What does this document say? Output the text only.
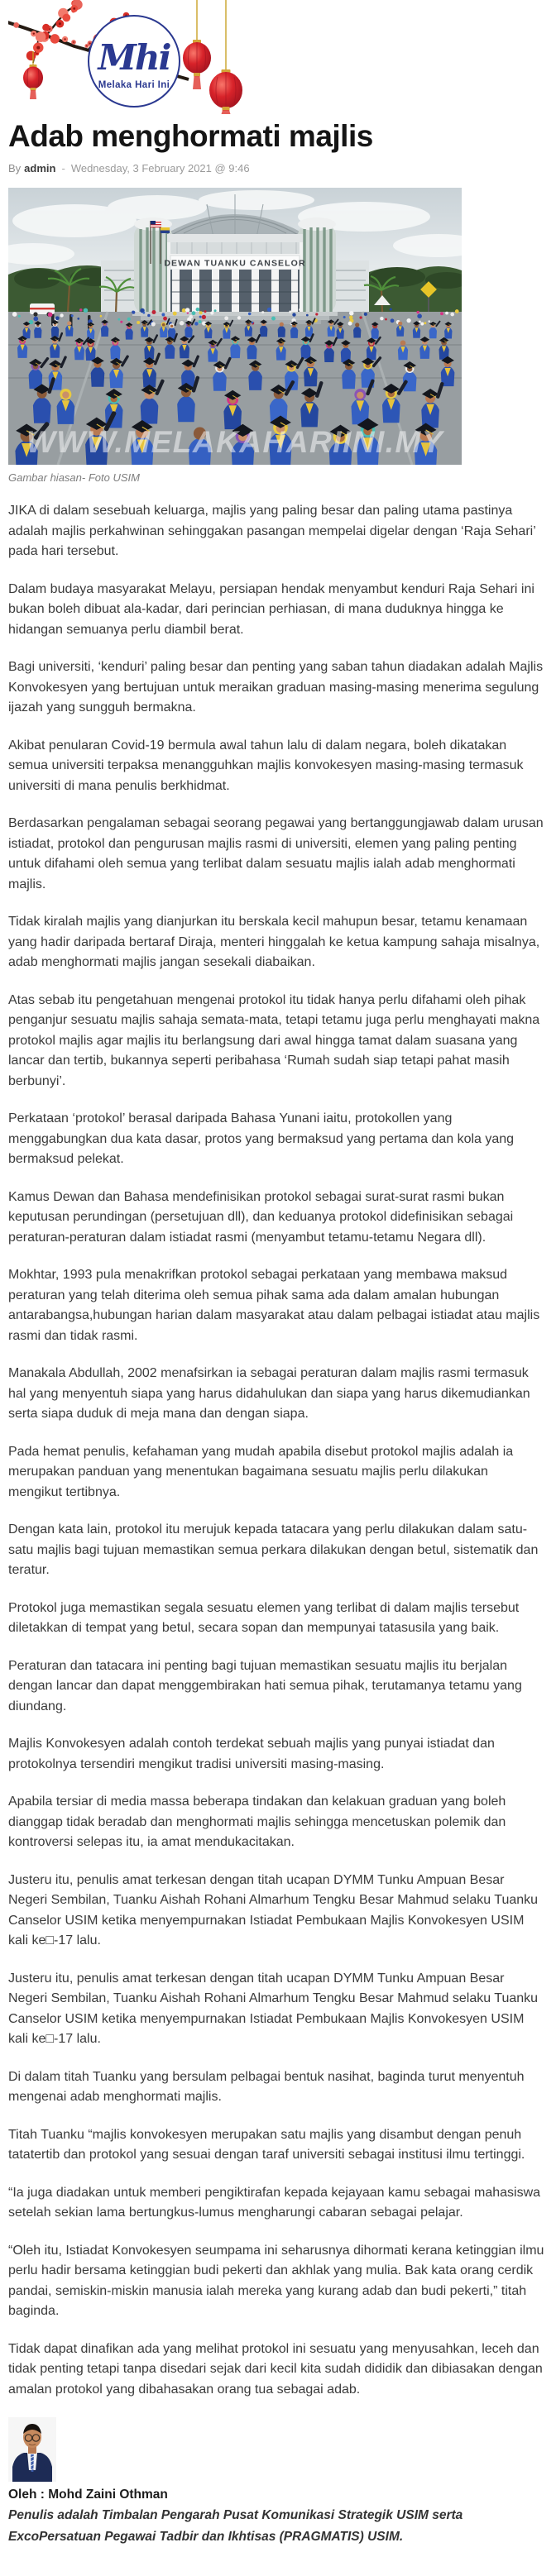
Mhi
Melaka Hari Ini
Adab menghormati majlis
By admin - Wednesday, 3 February 2021 @ 9:46
DEWAN TUANKU CANSELOR
WWW.MELAKAHARIINI.MY
Gambar hiasan- Foto USIM

JIKA di dalam sesebuah keluarga, majlis yang paling besar dan paling utama pastinya adalah majlis perkahwinan sehinggakan pasangan mempelai digelar dengan ‘Raja Sehari’ pada hari tersebut.

Dalam budaya masyarakat Melayu, persiapan hendak menyambut kenduri Raja Sehari ini bukan boleh dibuat ala-kadar, dari perincian perhiasan, di mana duduknya hingga ke hidangan semuanya perlu diambil berat.

Bagi universiti, ‘kenduri’ paling besar dan penting yang saban tahun diadakan adalah Majlis Konvokesyen yang bertujuan untuk meraikan graduan masing-masing menerima segulung ijazah yang sungguh bermakna.

Akibat penularan Covid-19 bermula awal tahun lalu di dalam negara, boleh dikatakan semua universiti terpaksa menangguhkan majlis konvokesyen masing-masing termasuk universiti di mana penulis berkhidmat.

Berdasarkan pengalaman sebagai seorang pegawai yang bertanggungjawab dalam urusan istiadat, protokol dan pengurusan majlis rasmi di universiti, elemen yang paling penting untuk difahami oleh semua yang terlibat dalam sesuatu majlis ialah adab menghormati majlis.

Tidak kiralah majlis yang dianjurkan itu berskala kecil mahupun besar, tetamu kenamaan yang hadir daripada bertaraf Diraja, menteri hinggalah ke ketua kampung sahaja misalnya, adab menghormati majlis jangan sesekali diabaikan.

Atas sebab itu pengetahuan mengenai protokol itu tidak hanya perlu difahami oleh pihak penganjur sesuatu majlis sahaja semata-mata, tetapi tetamu juga perlu menghayati makna protokol majlis agar majlis itu berlangsung dari awal hingga tamat dalam suasana yang lancar dan tertib, bukannya seperti peribahasa ‘Rumah sudah siap tetapi pahat masih berbunyi’.

Perkataan ‘protokol’ berasal daripada Bahasa Yunani iaitu, protokollen yang menggabungkan dua kata dasar, protos yang bermaksud yang pertama dan kola yang bermaksud pelekat.

Kamus Dewan dan Bahasa mendefinisikan protokol sebagai surat-surat rasmi bukan keputusan perundingan (persetujuan dll), dan keduanya protokol didefinisikan sebagai peraturan-peraturan dalam istiadat rasmi (menyambut tetamu-tetamu Negara dll).

Mokhtar, 1993 pula menakrifkan protokol sebagai perkataan yang membawa maksud peraturan yang telah diterima oleh semua pihak sama ada dalam amalan hubungan antarabangsa,hubungan harian dalam masyarakat atau dalam pelbagai istiadat atau majlis rasmi dan tidak rasmi.

Manakala Abdullah, 2002 menafsirkan ia sebagai peraturan dalam majlis rasmi termasuk hal yang menyentuh siapa yang harus didahulukan dan siapa yang harus dikemudiankan serta siapa duduk di meja mana dan dengan siapa.

Pada hemat penulis, kefahaman yang mudah apabila disebut protokol majlis adalah ia merupakan panduan yang menentukan bagaimana sesuatu majlis perlu dilakukan mengikut tertibnya.

Dengan kata lain, protokol itu merujuk kepada tatacara yang perlu dilakukan dalam satu-satu majlis bagi tujuan memastikan semua perkara dilakukan dengan betul, sistematik dan teratur.

Protokol juga memastikan segala sesuatu elemen yang terlibat di dalam majlis tersebut diletakkan di tempat yang betul, secara sopan dan mempunyai tatasusila yang baik.

Peraturan dan tatacara ini penting bagi tujuan memastikan sesuatu majlis itu berjalan dengan lancar dan dapat menggembirakan hati semua pihak, terutamanya tetamu yang diundang.

Majlis Konvokesyen adalah contoh terdekat sebuah majlis yang punyai istiadat dan protokolnya tersendiri mengikut tradisi universiti masing-masing.

Apabila tersiar di media massa beberapa tindakan dan kelakuan graduan yang boleh dianggap tidak beradab dan menghormati majlis sehingga mencetuskan polemik dan kontroversi selepas itu, ia amat mendukacitakan.

Justeru itu, penulis amat terkesan dengan titah ucapan DYMM Tunku Ampuan Besar Negeri Sembilan, Tuanku Aishah Rohani Almarhum Tengku Besar Mahmud selaku Tuanku Canselor USIM ketika menyempurnakan Istiadat Pembukaan Majlis Konvokesyen USIM kali ke□-17 lalu.

Justeru itu, penulis amat terkesan dengan titah ucapan DYMM Tunku Ampuan Besar Negeri Sembilan, Tuanku Aishah Rohani Almarhum Tengku Besar Mahmud selaku Tuanku Canselor USIM ketika menyempurnakan Istiadat Pembukaan Majlis Konvokesyen USIM kali ke□-17 lalu.

Di dalam titah Tuanku yang bersulam pelbagai bentuk nasihat, baginda turut menyentuh mengenai adab menghormati majlis.

Titah Tuanku “majlis konvokesyen merupakan satu majlis yang disambut dengan penuh tatatertib dan protokol yang sesuai dengan taraf universiti sebagai institusi ilmu tertinggi.

“Ia juga diadakan untuk memberi pengiktirafan kepada kejayaan kamu sebagai mahasiswa setelah sekian lama bertungkus-lumus mengharungi cabaran sebagai pelajar.

“Oleh itu, Istiadat Konvokesyen seumpama ini seharusnya dihormati kerana ketinggian ilmu perlu hadir bersama ketinggian budi pekerti dan akhlak yang mulia. Bak kata orang cerdik pandai, semiskin-miskin manusia ialah mereka yang kurang adab dan budi pekerti,” titah baginda.

Tidak dapat dinafikan ada yang melihat protokol ini sesuatu yang menyusahkan, leceh dan tidak penting tetapi tanpa disedari sejak dari kecil kita sudah dididik dan dibiasakan dengan amalan protokol yang dibahasakan orang tua sebagai adab.

Oleh : Mohd Zaini Othman

Penulis adalah Timbalan Pengarah Pusat Komunikasi Strategik USIM serta ExcoPersatuan Pegawai Tadbir dan Ikhtisas (PRAGMATIS) USIM.
